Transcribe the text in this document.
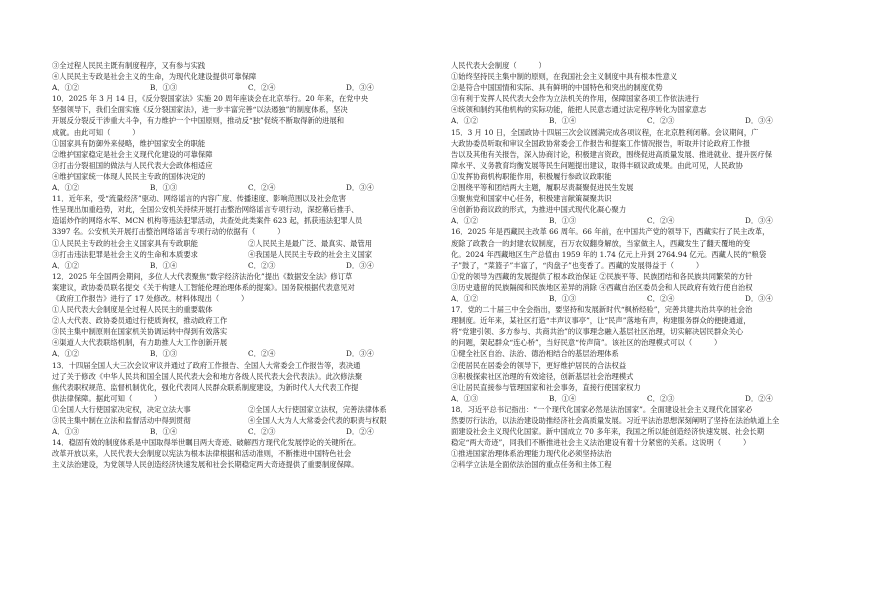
③全过程人民民主既有制度程序，又有参与实践
④人民民主专政是社会主义的生命，为现代化建设提供可靠保障
A．①②	B．①③	C．②④	D．③④
10．2025 年 3 月 14 日，《反分裂国家法》实施 20 周年座谈会在北京举行。20 年来，在党中央
坚强领导下，我们全面实施《反分裂国家法》，进一步丰富完善“以法遏独”的制度体系，坚决
开展反分裂反干涉重大斗争，有力维护一个中国原则，推动反“独”促统不断取得新的进展和
成就。由此可知（　　　）
①国家具有防御外来侵略，维护国家安全的职能
②维护国家稳定是社会主义现代化建设的可靠保障
③打击分裂祖国的做法与人民代表大会政体相适应
④维护国家统一体现人民民主专政的国体决定的
A．①②	B．①③	C．②④	D．③④
11．近年来，受“流量经济”驱动、网络谣言的内容广度、传播速度、影响范围以及社会危害
性呈现出加重趋势，对此，全国公安机关持续开展打击整治网络谣言专项行动，深挖幕后推手、
造谣炒作的网络水军、MCN 机构等违法犯罪活动，共查处此类案件 623 起，抓获违法犯罪人员
3397 名。公安机关开展打击整治网络谣言专项行动的依据有（　　　）
①人民民主专政的社会主义国家具有专政职能	②人民民主是最广泛、最真实、最管用
③打击违法犯罪是社会主义的生命和本质要求	④我国是人民民主专政的社会主义国家
A．①②	B．①④	C．②③	D．③④
12．2025 年全国两会期间，多位人大代表聚焦“数字经济法治化”提出《数据安全法》修订草
案建议，政协委员联名提交《关于构建人工智能伦理治理体系的提案》。国务院根据代表意见对
《政府工作报告》进行了 17 处修改。材料体现出（　　　）
①人民代表大会制度是全过程人民民主的重要载体
②人大代表、政协委员通过行使质询权，推动政府工作
③民主集中制原则在国家机关协调运转中得到有效落实
④渠道人大代表联络机制，有力助推人大工作创新开展
A．①②	B．①③	C．②④	D．③④
13．十四届全国人大三次会议审议并通过了政府工作报告、全国人大常委会工作报告等，表决通
过了关于修改《中华人民共和国全国人民代表大会和地方各级人民代表大会代表法》。此次修法聚
焦代表职权规范、监督机制优化，强化代表同人民群众联系制度建设，为新时代人大代表工作提
供法律保障。据此可知（　　　）
①全国人大行使国家决定权，决定立法大事	②全国人大行使国家立法权，完善法律体系
③民主集中制在立法和监督活动中得到贯彻	④全国人大为人大常委会代表的职责与权限
A．①③	B．①④	C．②③	D．②④
14．稳固有效的制度体系是中国取得举世瞩目两大奇迹、破解西方现代化发展悖论的关键所在。
改革开放以来，人民代表大会制度以宪法为根本法律根据和活动准则，不断推进中国特色社会
主义法治建设，为党领导人民创造经济快速发展和社会长期稳定两大奇迹提供了重要制度保障。
人民代表大会制度（　　　）
①始终坚持民主集中制的原则，在我国社会主义制度中具有根本性意义
②是符合中国国情和实际、具有鲜明的中国特色和突出的制度优势
③有利于发挥人民代表大会作为立法机关的作用，保障国家各项工作依法进行
④统领和制约其他机构的实际功能，能把人民意志通过法定程序转化为国家意志
A．①②	B．①④	C．②③	D．③④
15．3 月 10 日，全国政协十四届三次会议圆满完成各项议程，在北京胜利闭幕。会议期间，广
大政协委员听取和审议全国政协常委会工作报告和提案工作情况报告，听取并讨论政府工作报
告以及其他有关报告，深入协商讨论，积极建言资政，围绕促进高质量发展、推进就业、提升医疗保
障水平、义务教育均衡发展等民生问题提出建议，取得丰硕议政成果。由此可见，人民政协
①发挥协商机构职能作用，积极履行参政议政职能
②围绕平等和团结两大主题，履职尽责凝聚促进民生发展
③聚焦党和国家中心任务，积极建言献策凝聚共识
④创新协商议政的形式，为推进中国式现代化凝心聚力
A．①②	B．①③	C．②④	D．③④
16．2025 年是西藏民主改革 66 周年。66 年前，在中国共产党的领导下，西藏实行了民主改革，
废除了政教合一的封建农奴制度，百万农奴翻身解放，当家做主人，西藏发生了翻天覆地的变
化。2024 年西藏地区生产总值由 1959 年的 1.74 亿元上升到 2764.94 亿元。西藏人民的“粮袋
子”鼓了，“菜篮子”丰富了，“肉盘子”也变香了。西藏的发展得益于（　　　）
①党的领导为西藏的发展提供了根本政治保证 ②民族平等、民族团结和各民族共同繁荣的方针
③历史遗留的民族隔阂和民族地区差异的消除 ④西藏自治区委员会和人民政府有效行使自治权
A．①②	B．①③	C．②④	D．③④
17．党的二十届三中全会指出，要坚持和发展新时代“枫桥经验”，完善共建共治共享的社会治
理制度。近年来，某社区打造“丰声议事亭”，让“民声”落地有声，构建服务群众的便捷通道，
将“党建引领、多方参与、共商共治”的议事理念融入基层社区治理，切实解决居民群众关心
的问题，架起群众“连心桥”，当好民意“传声筒”。该社区的治理模式可以（　　　）
①健全社区自治、法治、德治相结合的基层治理体系
②使居民在居委会的领导下，更好维护居民的合法权益
③积极探索社区治理的有效途径，创新基层社会治理模式
④让居民直接参与管理国家和社会事务，直接行使国家权力
A．①③	B．①④	C．②③	D．②④
18．习近平总书记指出：“一个现代化国家必然是法治国家”。全面建设社会主义现代化国家必
然要厉行法治，以法治建设助推经济社会高质量发展。习近平法治思想深刻阐明了坚持在法治轨道上全
面建设社会主义现代化国家。新中国成立 70 多年来，我国之所以能创造经济快速发展、社会长期
稳定“两大奇迹”，同我们不断推进社会主义法治建设有着十分紧密的关系。这说明（　　　）
①推进国家治理体系治理能力现代化必须坚持法治
②科学立法是全面依法治国的重点任务和主体工程
